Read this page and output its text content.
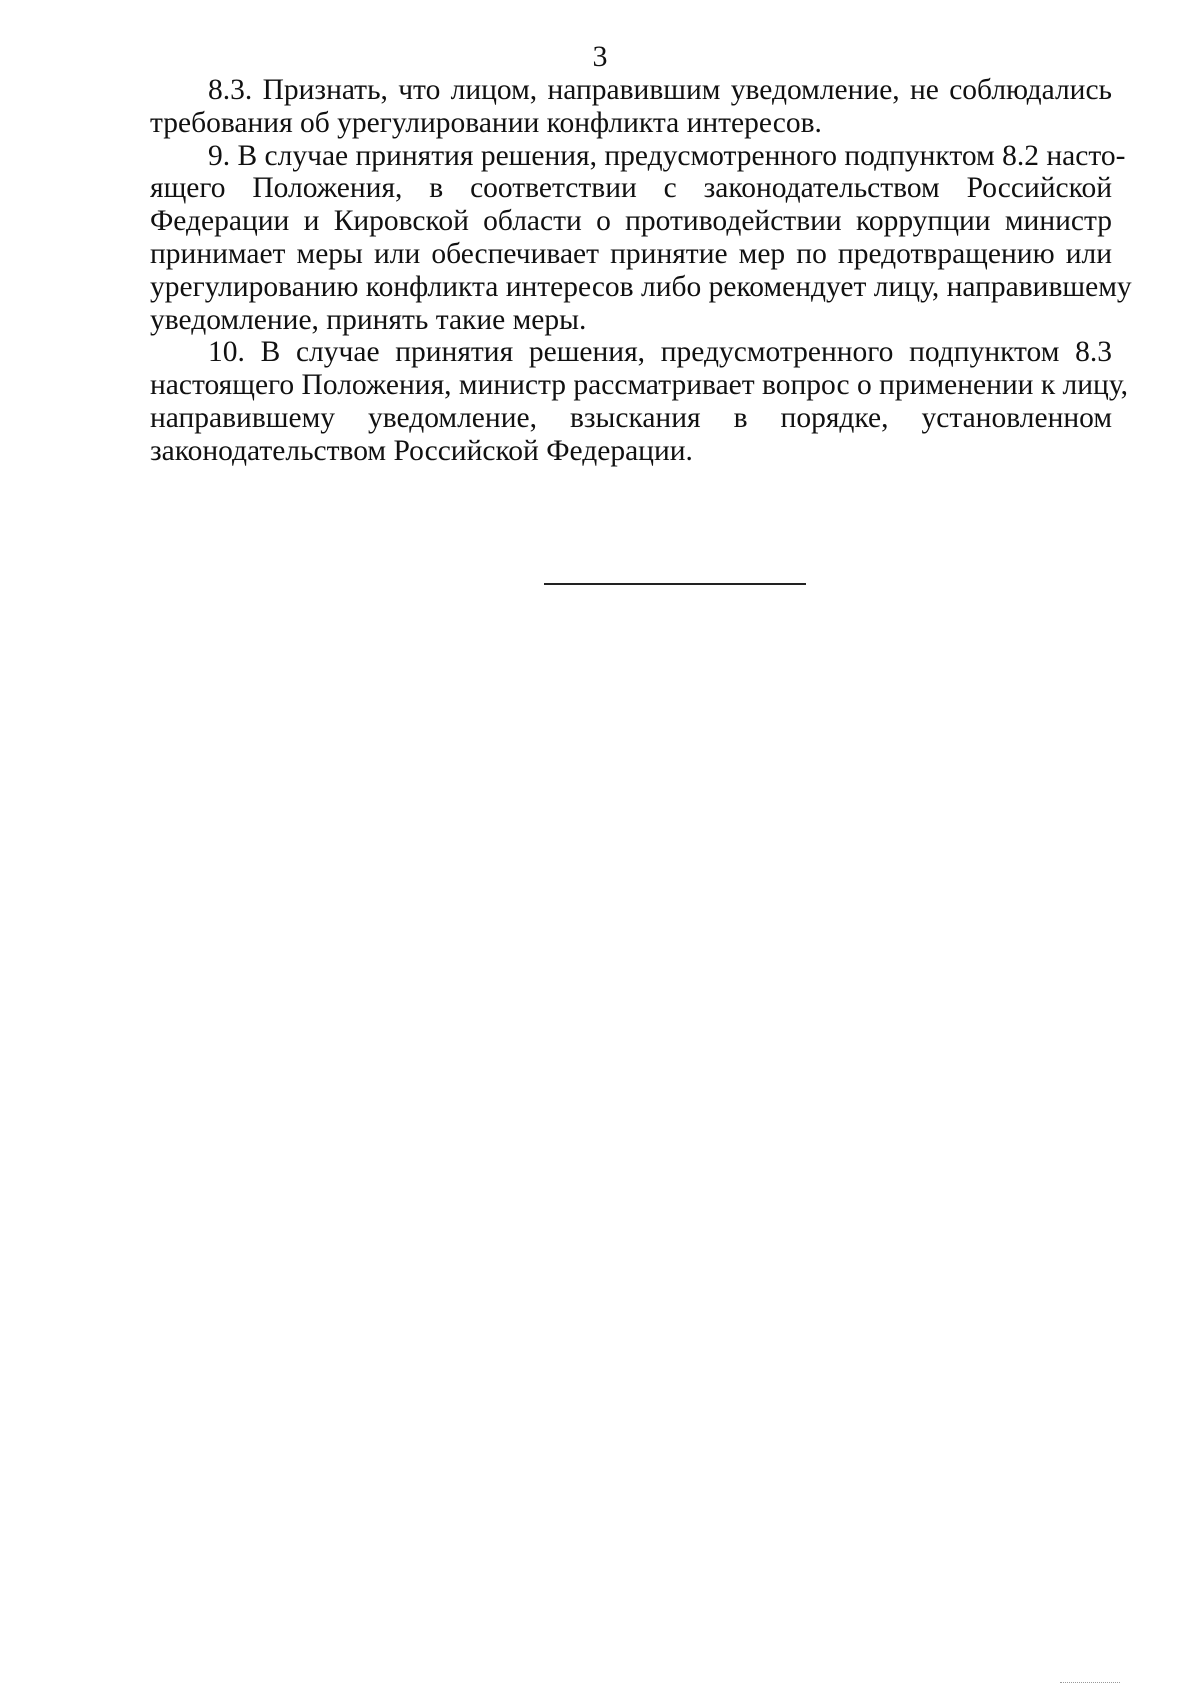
3

8.3. Признать, что лицом, направившим уведомление, не соблюдались
требования об урегулировании конфликта интересов.

9. В случае принятия решения, предусмотренного подпунктом 8.2 насто-
ящего Положения, в соответствии с законодательством Российской
Федерации и Кировской области о противодействии коррупции министр
принимает меры или обеспечивает принятие мер по предотвращению или
урегулированию конфликта интересов либо рекомендует лицу, направившему
уведомление, принять такие меры.

10. В случае принятия решения, предусмотренного подпунктом 8.3
настоящего Положения, министр рассматривает вопрос о применении к лицу,
направившему уведомление, взыскания в порядке, установленном
законодательством Российской Федерации.
